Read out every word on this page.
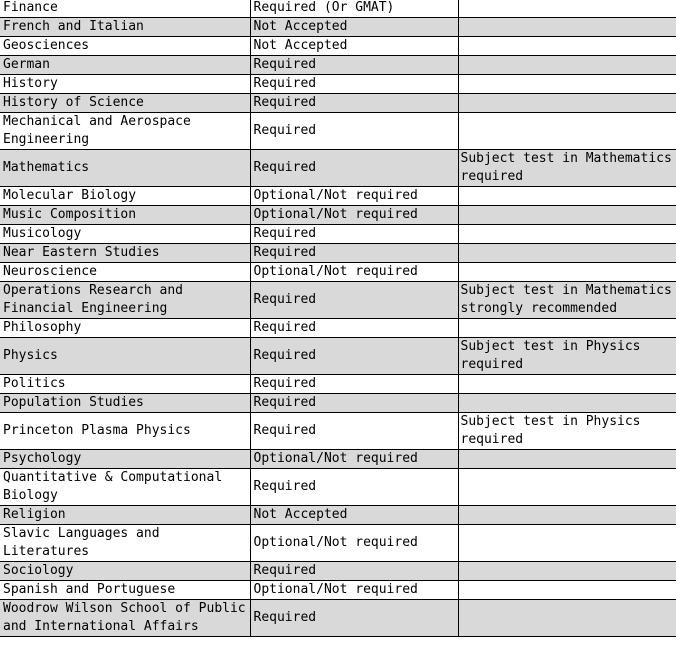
Finance	Required (Or GMAT)	
French and Italian	Not Accepted	
Geosciences	Not Accepted	
German	Required	
History	Required	
History of Science	Required	
Mechanical and Aerospace Engineering	Required	
Mathematics	Required	Subject test in Mathematics required
Molecular Biology	Optional/Not required	
Music Composition	Optional/Not required	
Musicology	Required	
Near Eastern Studies	Required	
Neuroscience	Optional/Not required	
Operations Research and Financial Engineering	Required	Subject test in Mathematics strongly recommended
Philosophy	Required	
Physics	Required	Subject test in Physics required
Politics	Required	
Population Studies	Required	
Princeton Plasma Physics	Required	Subject test in Physics required
Psychology	Optional/Not required	
Quantitative & Computational Biology	Required	
Religion	Not Accepted	
Slavic Languages and Literatures	Optional/Not required	
Sociology	Required	
Spanish and Portuguese	Optional/Not required	
Woodrow Wilson School of Public and International Affairs	Required	
